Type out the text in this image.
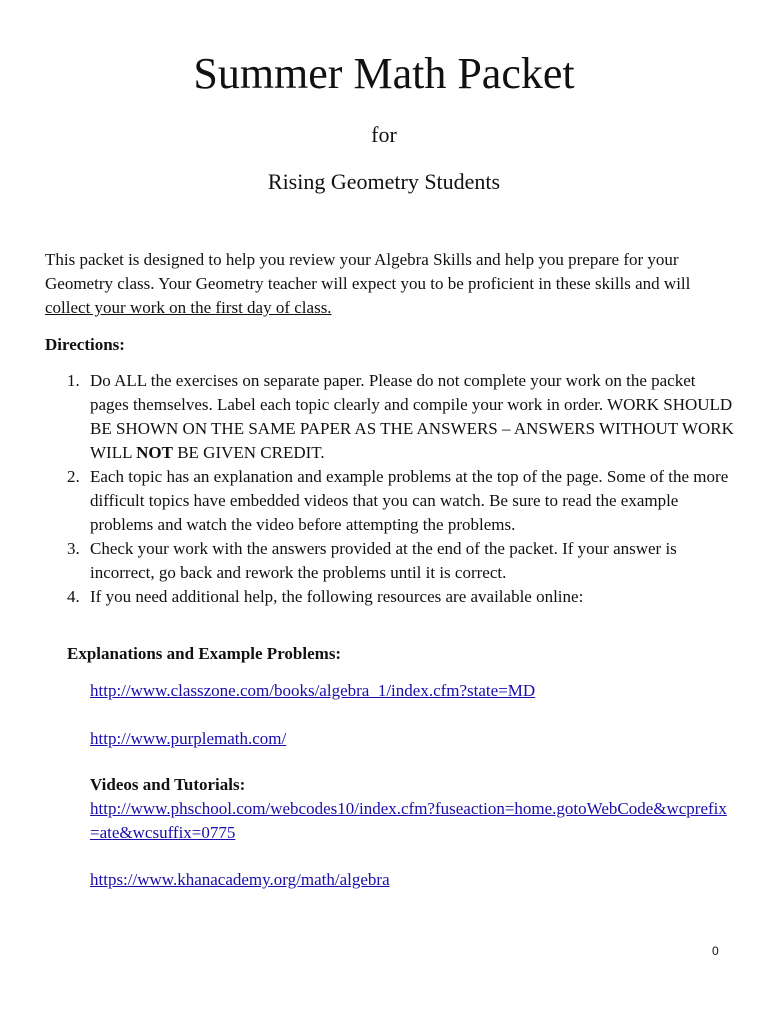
Summer Math Packet
for
Rising Geometry Students

This packet is designed to help you review your Algebra Skills and help you prepare for your Geometry class. Your Geometry teacher will expect you to be proficient in these skills and will collect your work on the first day of class.

Directions:
1. Do ALL the exercises on separate paper. Please do not complete your work on the packet pages themselves. Label each topic clearly and compile your work in order. WORK SHOULD BE SHOWN ON THE SAME PAPER AS THE ANSWERS – ANSWERS WITHOUT WORK WILL NOT BE GIVEN CREDIT.
2. Each topic has an explanation and example problems at the top of the page. Some of the more difficult topics have embedded videos that you can watch. Be sure to read the example problems and watch the video before attempting the problems.
3. Check your work with the answers provided at the end of the packet. If your answer is incorrect, go back and rework the problems until it is correct.
4. If you need additional help, the following resources are available online:
Explanations and Example Problems:
http://www.classzone.com/books/algebra_1/index.cfm?state=MD
http://www.purplemath.com/
Videos and Tutorials:
http://www.phschool.com/webcodes10/index.cfm?fuseaction=home.gotoWebCode&wcprefix=ate&wcsuffix=0775
https://www.khanacademy.org/math/algebra
0
